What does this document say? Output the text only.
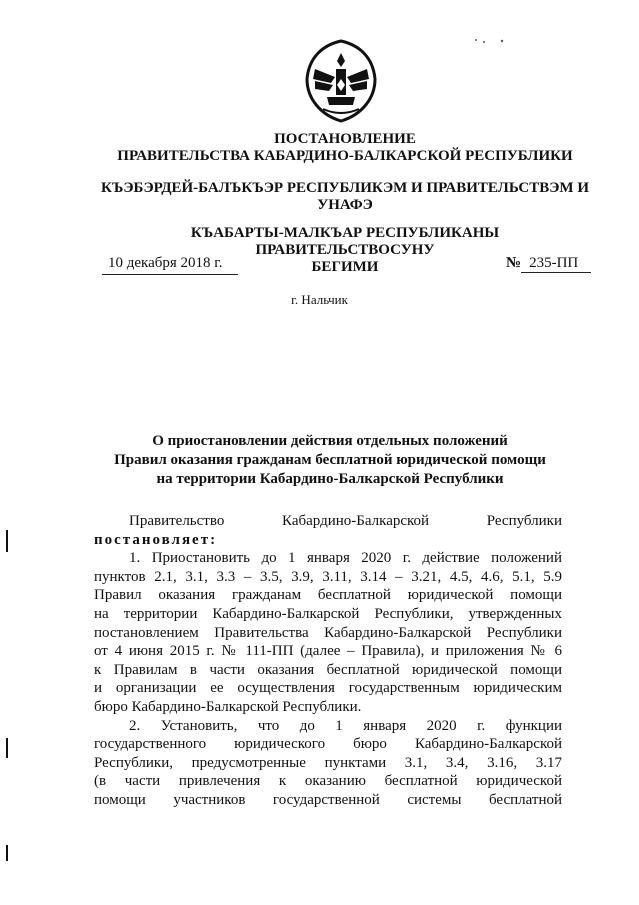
ПОСТАНОВЛЕНИЕ
ПРАВИТЕЛЬСТВА КАБАРДИНО-БАЛКАРСКОЙ РЕСПУБЛИКИ
КЪЭБЭРДЕЙ-БАЛЪКЪЭР РЕСПУБЛИКЭМ И ПРАВИТЕЛЬСТВЭМ И
УНАФЭ
КЪАБАРТЫ-МАЛКЪАР РЕСПУБЛИКАНЫ ПРАВИТЕЛЬСТВОСУНУ
БЕГИМИ
10 декабря 2018 г.	№ 235-ПП
г. Нальчик
О приостановлении действия отдельных положений
Правил оказания гражданам бесплатной юридической помощи
на территории Кабардино-Балкарской Республики
Правительство Кабардино-Балкарской Республики
постановляет:
1. Приостановить до 1 января 2020 г. действие положений
пунктов 2.1, 3.1, 3.3 – 3.5, 3.9, 3.11, 3.14 – 3.21, 4.5, 4.6, 5.1, 5.9
Правил оказания гражданам бесплатной юридической помощи
на территории Кабардино-Балкарской Республики, утвержденных
постановлением Правительства Кабардино-Балкарской Республики
от 4 июня 2015 г. № 111-ПП (далее – Правила), и приложения № 6
к Правилам в части оказания бесплатной юридической помощи
и организации ее осуществления государственным юридическим
бюро Кабардино-Балкарской Республики.
2. Установить, что до 1 января 2020 г. функции
государственного юридического бюро Кабардино-Балкарской
Республики, предусмотренные пунктами 3.1, 3.4, 3.16, 3.17
(в части привлечения к оказанию бесплатной юридической
помощи участников государственной системы бесплатной
